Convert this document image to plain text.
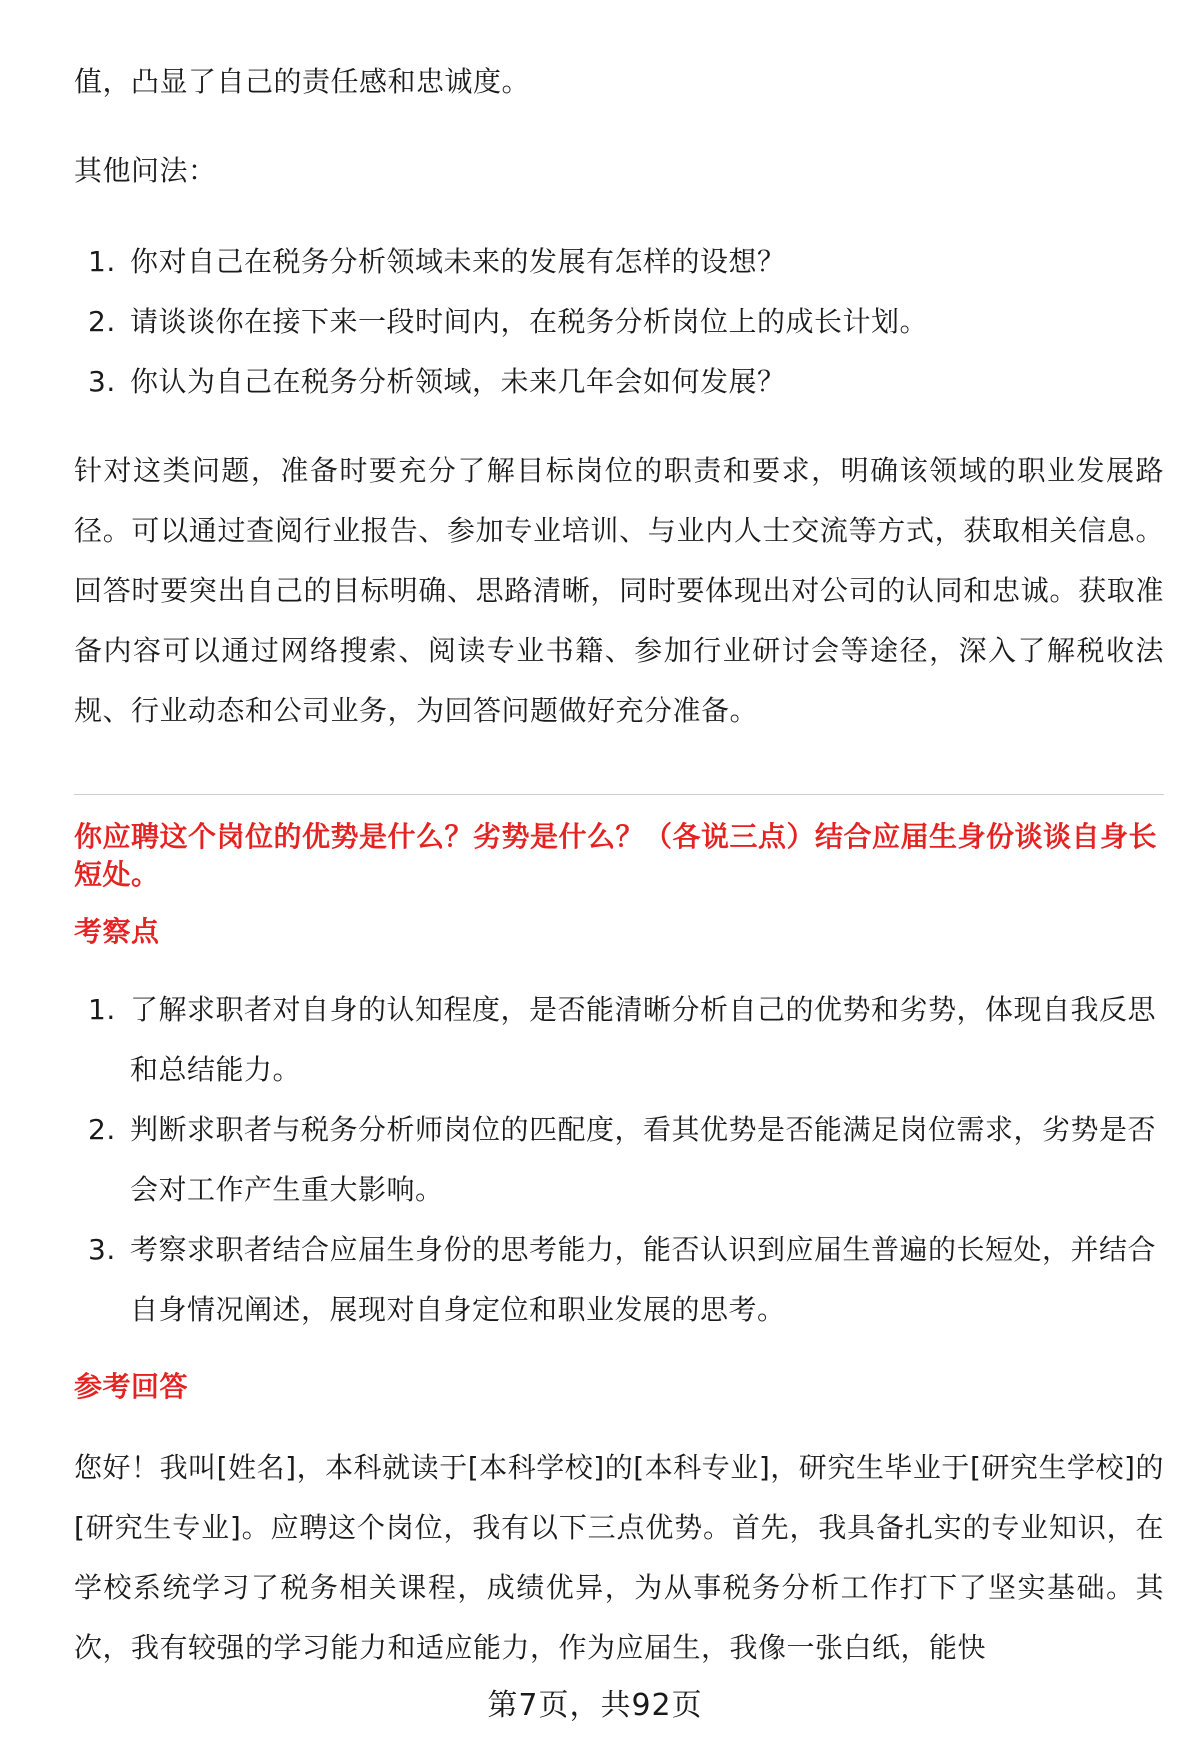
值，凸显了自己的责任感和忠诚度。

其他问法：

1. 你对自己在税务分析领域未来的发展有怎样的设想？
2. 请谈谈你在接下来一段时间内，在税务分析岗位上的成长计划。
3. 你认为自己在税务分析领域，未来几年会如何发展？

针对这类问题，准备时要充分了解目标岗位的职责和要求，明确该领域的职业发展路径。可以通过查阅行业报告、参加专业培训、与业内人士交流等方式，获取相关信息。回答时要突出自己的目标明确、思路清晰，同时要体现出对公司的认同和忠诚。获取准备内容可以通过网络搜索、阅读专业书籍、参加行业研讨会等途径，深入了解税收法规、行业动态和公司业务，为回答问题做好充分准备。

你应聘这个岗位的优势是什么？劣势是什么？（各说三点）结合应届生身份谈谈自身长短处。
考察点
1. 了解求职者对自身的认知程度，是否能清晰分析自己的优势和劣势，体现自我反思和总结能力。
2. 判断求职者与税务分析师岗位的匹配度，看其优势是否能满足岗位需求，劣势是否会对工作产生重大影响。
3. 考察求职者结合应届生身份的思考能力，能否认识到应届生普遍的长短处，并结合自身情况阐述，展现对自身定位和职业发展的思考。
参考回答

您好！我叫[姓名]，本科就读于[本科学校]的[本科专业]，研究生毕业于[研究生学校]的[研究生专业]。应聘这个岗位，我有以下三点优势。首先，我具备扎实的专业知识，在学校系统学习了税务相关课程，成绩优异，为从事税务分析工作打下了坚实基础。其次，我有较强的学习能力和适应能力，作为应届生，我像一张白纸，能快

第7页，共92页
